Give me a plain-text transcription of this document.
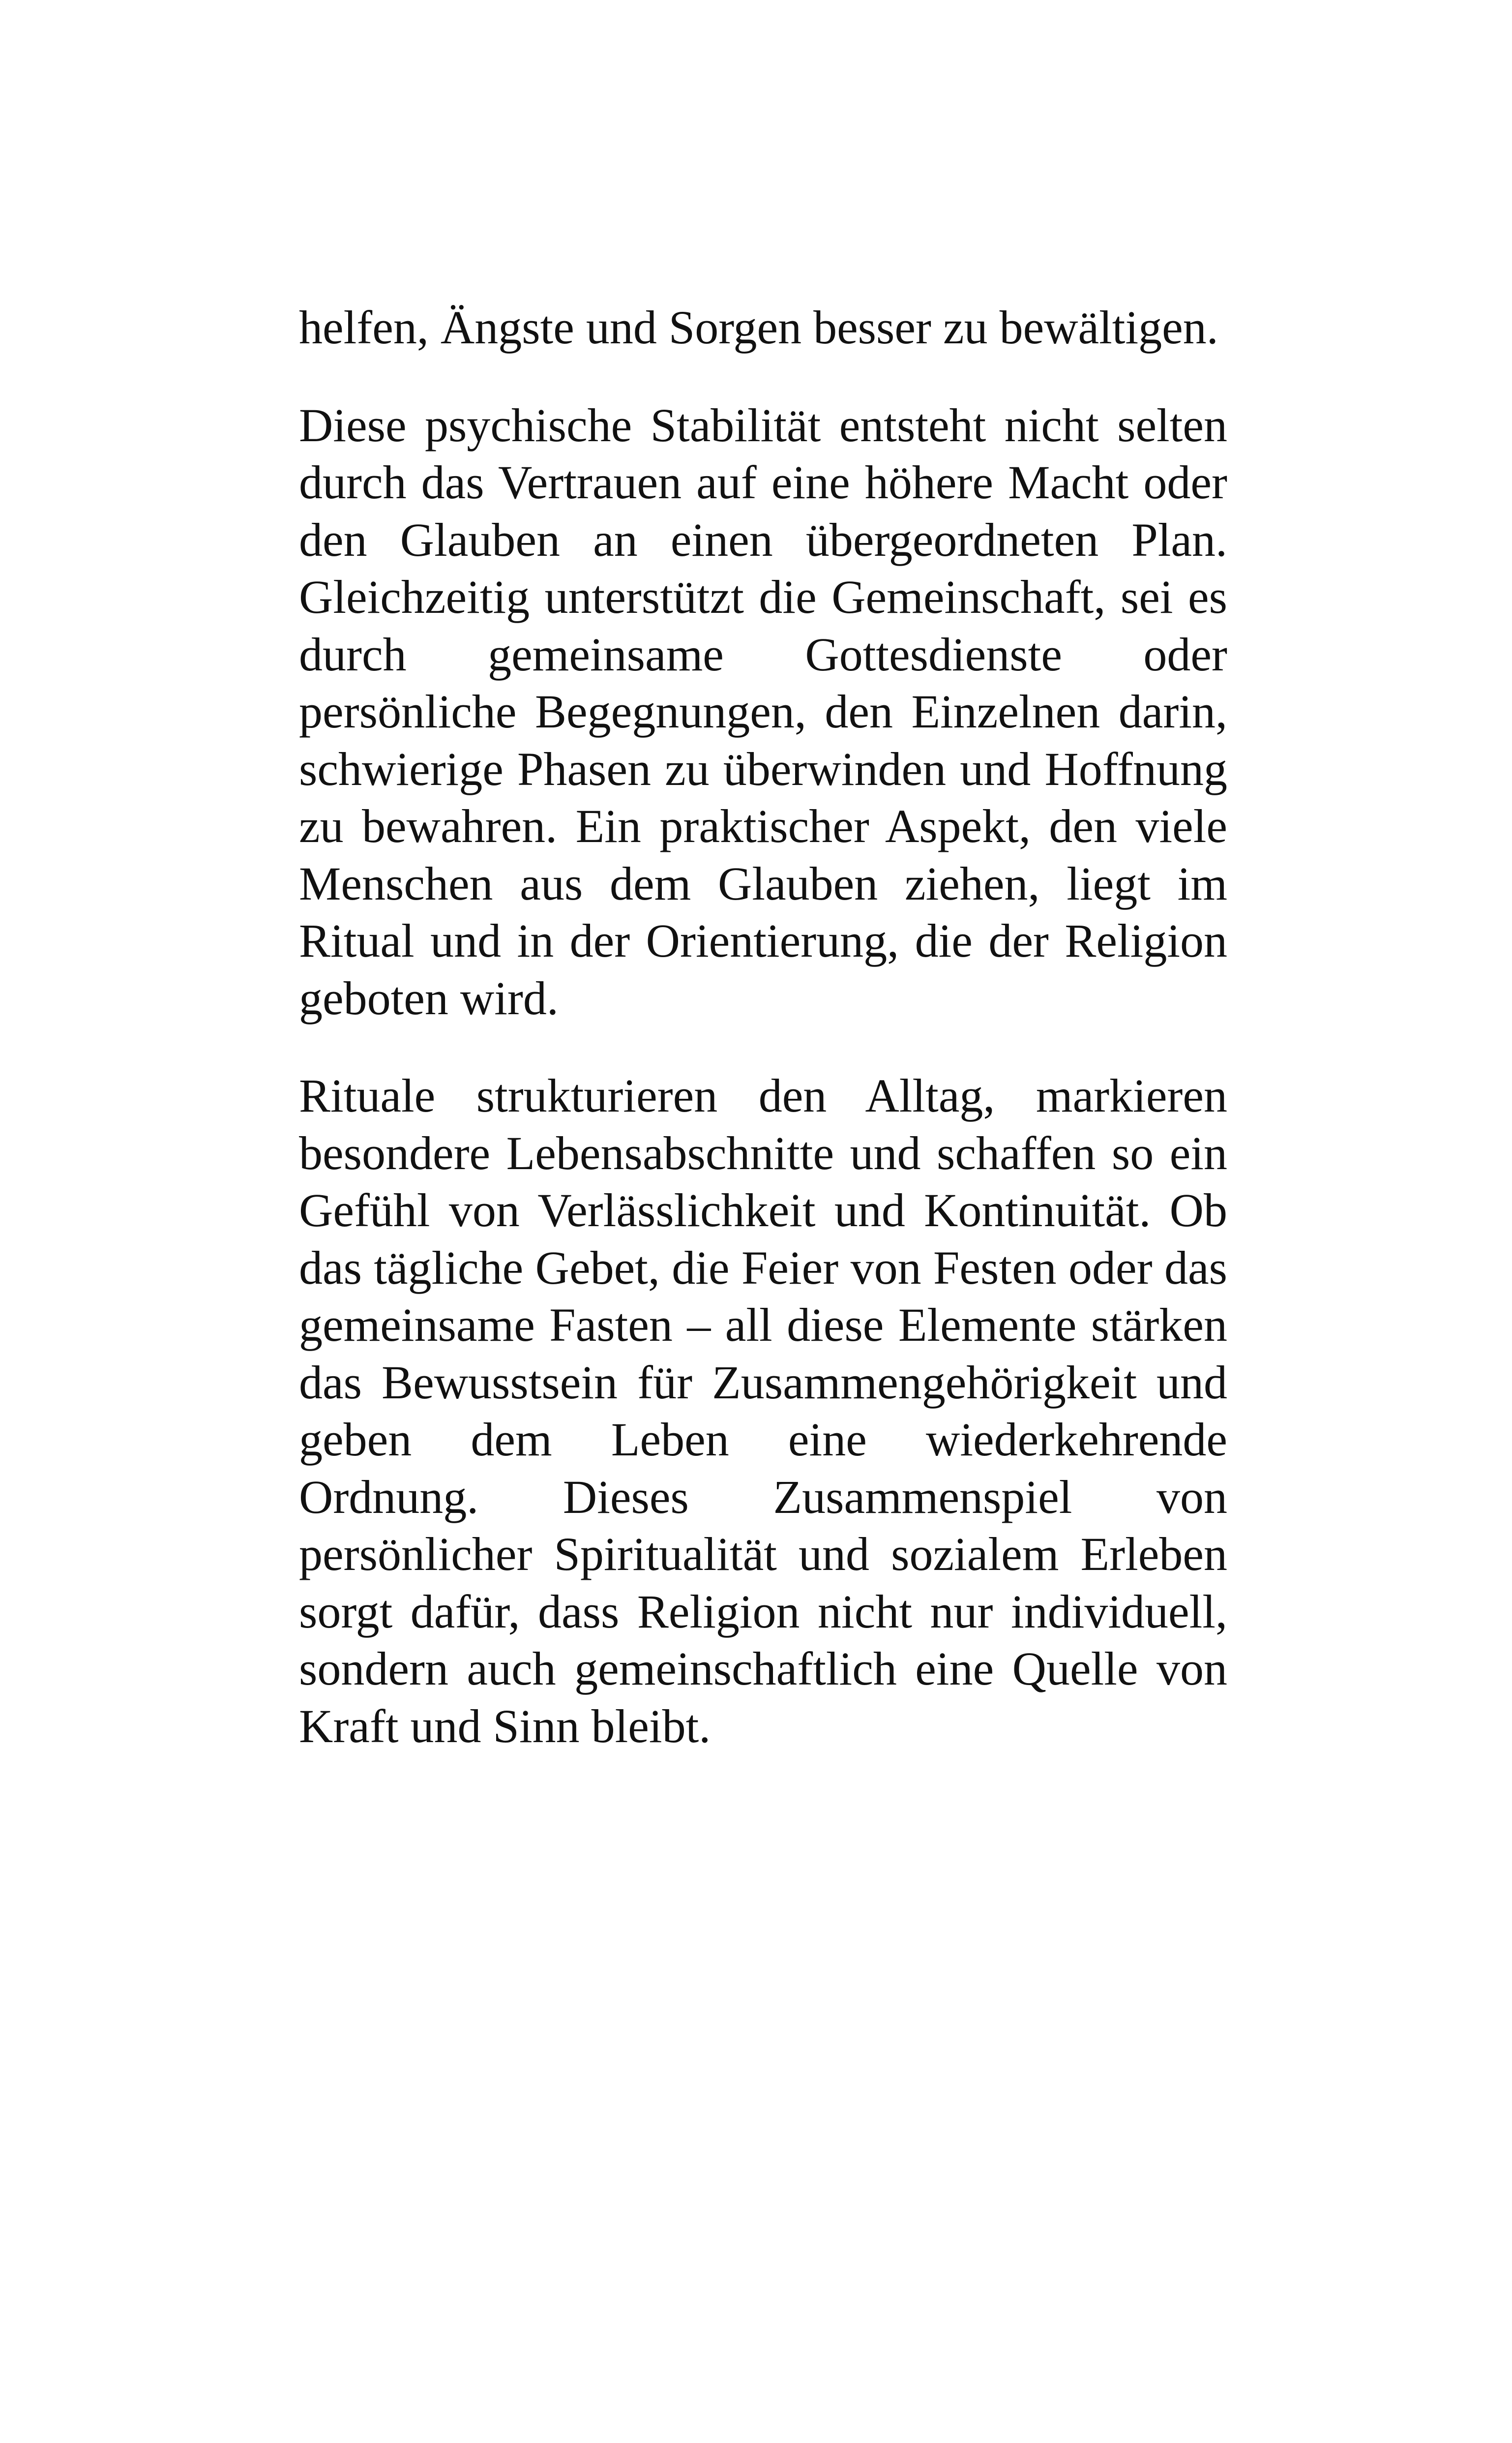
helfen, Ängste und Sorgen besser zu bewältigen.

Diese psychische Stabilität entsteht nicht selten durch das Vertrauen auf eine höhere Macht oder den Glauben an einen übergeordneten Plan. Gleichzeitig unterstützt die Gemeinschaft, sei es durch gemeinsame Gottesdienste oder persönliche Begegnungen, den Einzelnen darin, schwierige Phasen zu überwinden und Hoffnung zu bewahren. Ein praktischer Aspekt, den viele Menschen aus dem Glauben ziehen, liegt im Ritual und in der Orientierung, die der Religion geboten wird.

Rituale strukturieren den Alltag, markieren besondere Lebensabschnitte und schaffen so ein Gefühl von Verlässlichkeit und Kontinuität. Ob das tägliche Gebet, die Feier von Festen oder das gemeinsame Fasten – all diese Elemente stärken das Bewusstsein für Zusammengehörigkeit und geben dem Leben eine wiederkehrende Ordnung. Dieses Zusammenspiel von persönlicher Spiritualität und sozialem Erleben sorgt dafür, dass Religion nicht nur individuell, sondern auch gemeinschaftlich eine Quelle von Kraft und Sinn bleibt.
